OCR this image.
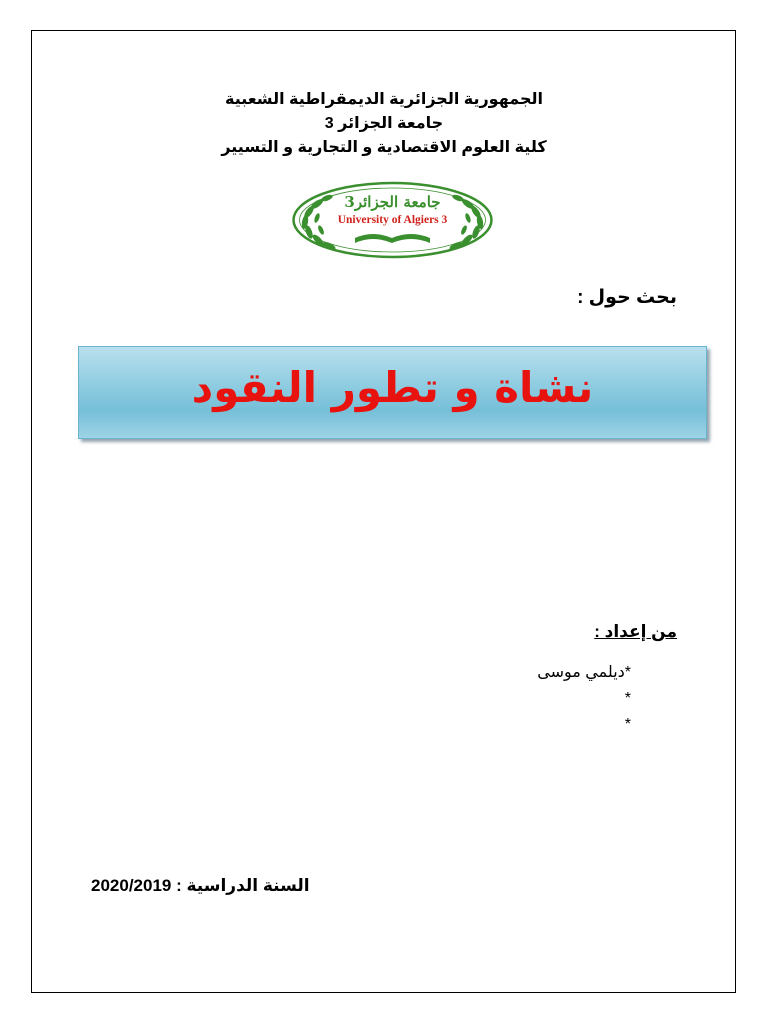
الجمهورية الجزائرية الديمقراطية الشعبية
جامعة الجزائر 3
كلية العلوم الاقتصادية و التجارية و التسيير
جامعة الجزائر3
University of Algiers 3
بحث حول :
نشاة و تطور النقود
من إعداد :
*ديلمي موسى
*
*
2020/2019 السنة الدراسية :
